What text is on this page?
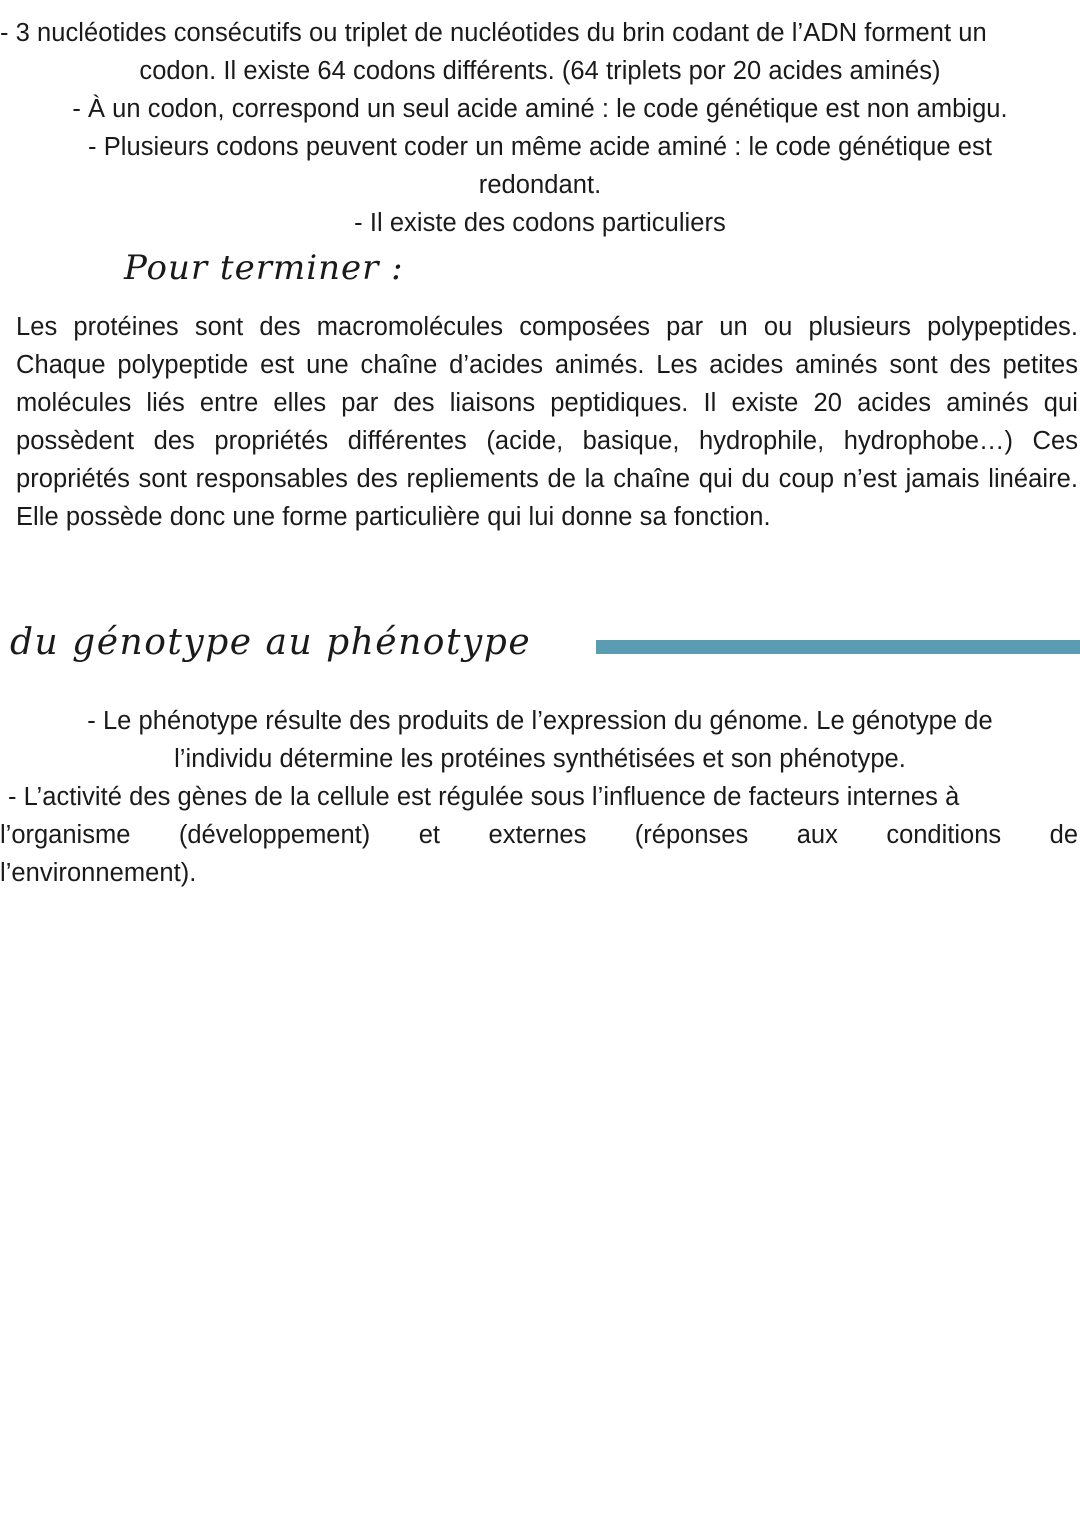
- 3 nucléotides consécutifs ou triplet de nucléotides du brin codant de l’ADN forment un
codon. Il existe 64 codons différents. (64 triplets por 20 acides aminés)
- À un codon, correspond un seul acide aminé : le code génétique est non ambigu.
- Plusieurs codons peuvent coder un même acide aminé : le code génétique est
redondant.
- Il existe des codons particuliers
Pour terminer :
Les protéines sont des macromolécules composées par un ou plusieurs polypeptides. Chaque polypeptide est une chaîne d’acides animés. Les acides aminés sont des petites molécules liés entre elles par des liaisons peptidiques. Il existe 20 acides aminés qui possèdent des propriétés différentes (acide, basique, hydrophile, hydrophobe…) Ces propriétés sont responsables des repliements de la chaîne qui du coup n’est jamais linéaire. Elle possède donc une forme particulière qui lui donne sa fonction.
du génotype au phénotype
- Le phénotype résulte des produits de l’expression du génome. Le génotype de
l’individu détermine les protéines synthétisées et son phénotype.
- L’activité des gènes de la cellule est régulée sous l’influence de facteurs internes à
l’organisme (développement) et externes (réponses aux conditions de
l’environnement).
